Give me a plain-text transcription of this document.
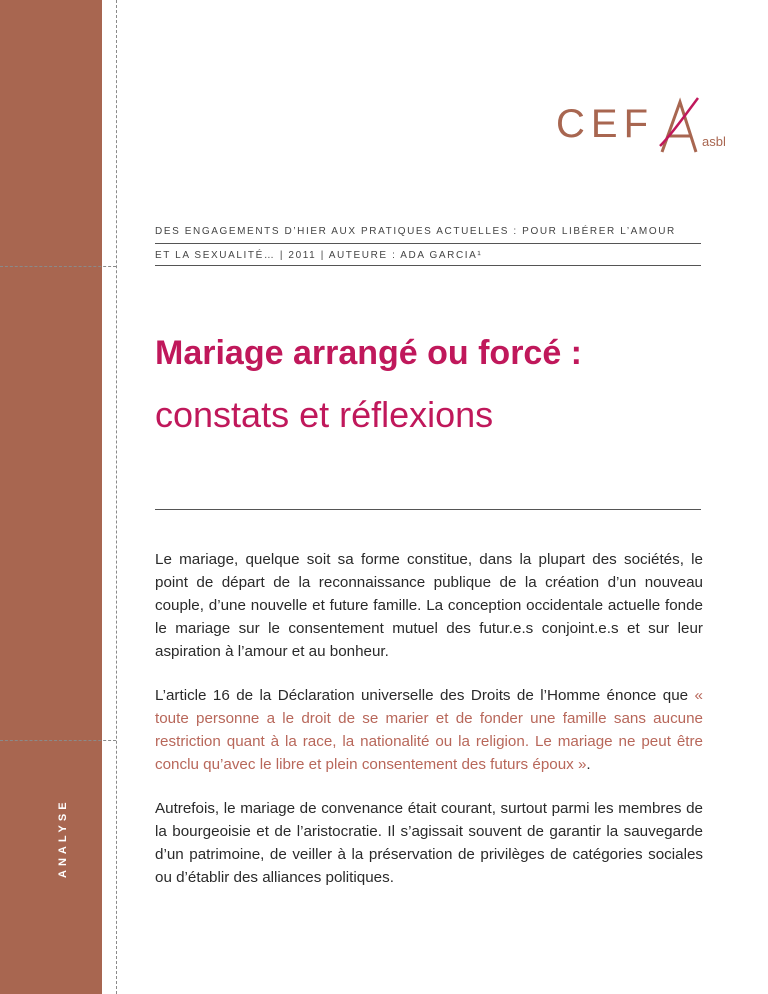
ANALYSE
CEF	asbl
DES ENGAGEMENTS D’HIER AUX PRATIQUES ACTUELLES : POUR LIBÉRER L’AMOUR
ET LA SEXUALITÉ… | 2011 | AUTEURE : ADA GARCIA¹
Mariage arrangé ou forcé :
constats et réflexions

Le mariage, quelque soit sa forme constitue, dans la plupart des sociétés, le point de départ de la reconnaissance publique de la création d’un nouveau couple, d’une nouvelle et future famille. La conception occidentale actuelle fonde le mariage sur le consentement mutuel des futur.e.s conjoint.e.s et sur leur aspiration à l’amour et au bonheur.

L’article 16 de la Déclaration universelle des Droits de l’Homme énonce que « toute personne a le droit de se marier et de fonder une famille sans aucune restriction quant à la race, la nationalité ou la religion. Le mariage ne peut être conclu qu’avec le libre et plein consentement des futurs époux ».

Autrefois, le mariage de convenance était courant, surtout parmi les membres de la bourgeoisie et de l’aristocratie. Il s’agissait souvent de garantir la sauvegarde d’un patrimoine, de veiller à la préservation de privilèges de catégories sociales ou d’établir des alliances politiques.
